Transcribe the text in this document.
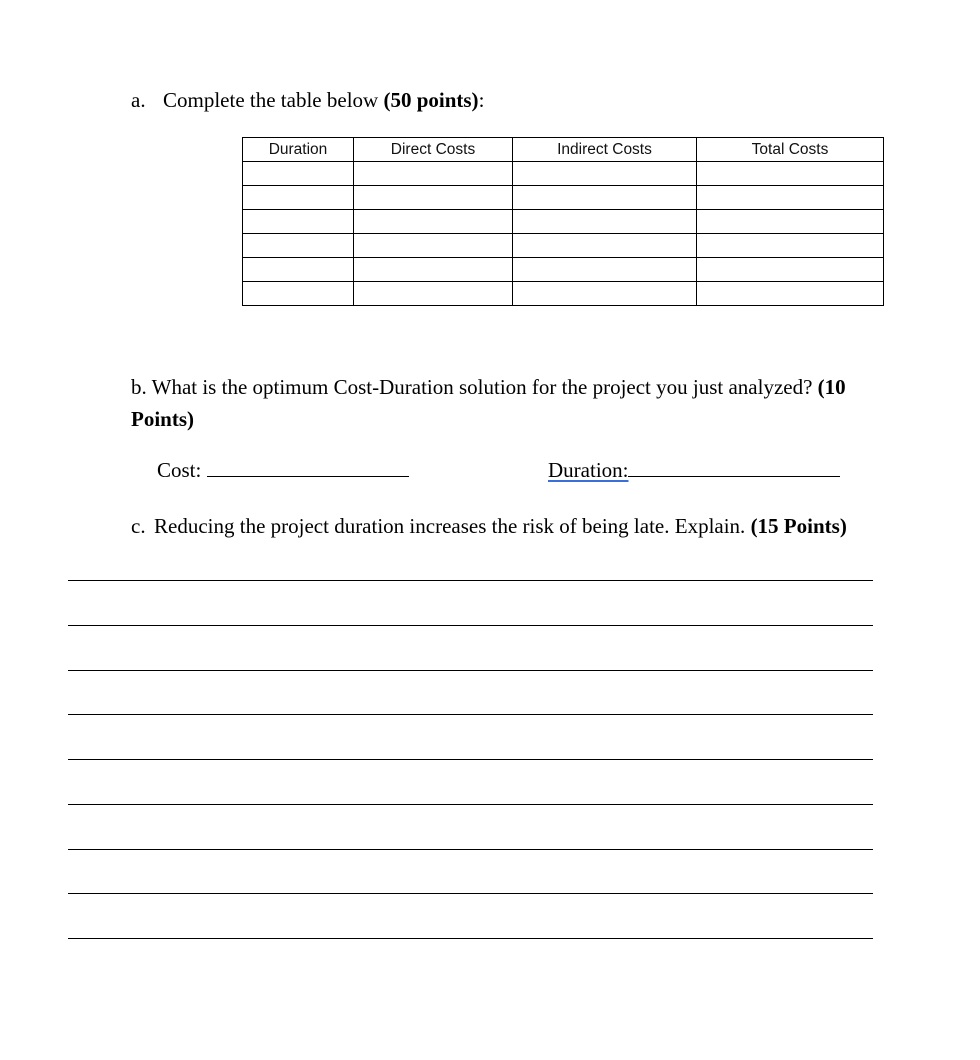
a. Complete the table below (50 points):
Duration	Direct Costs	Indirect Costs	Total Costs

b. What is the optimum Cost-Duration solution for the project you just analyzed? (10 Points)
Cost:	Duration:
c. Reducing the project duration increases the risk of being late. Explain. (15 Points)
